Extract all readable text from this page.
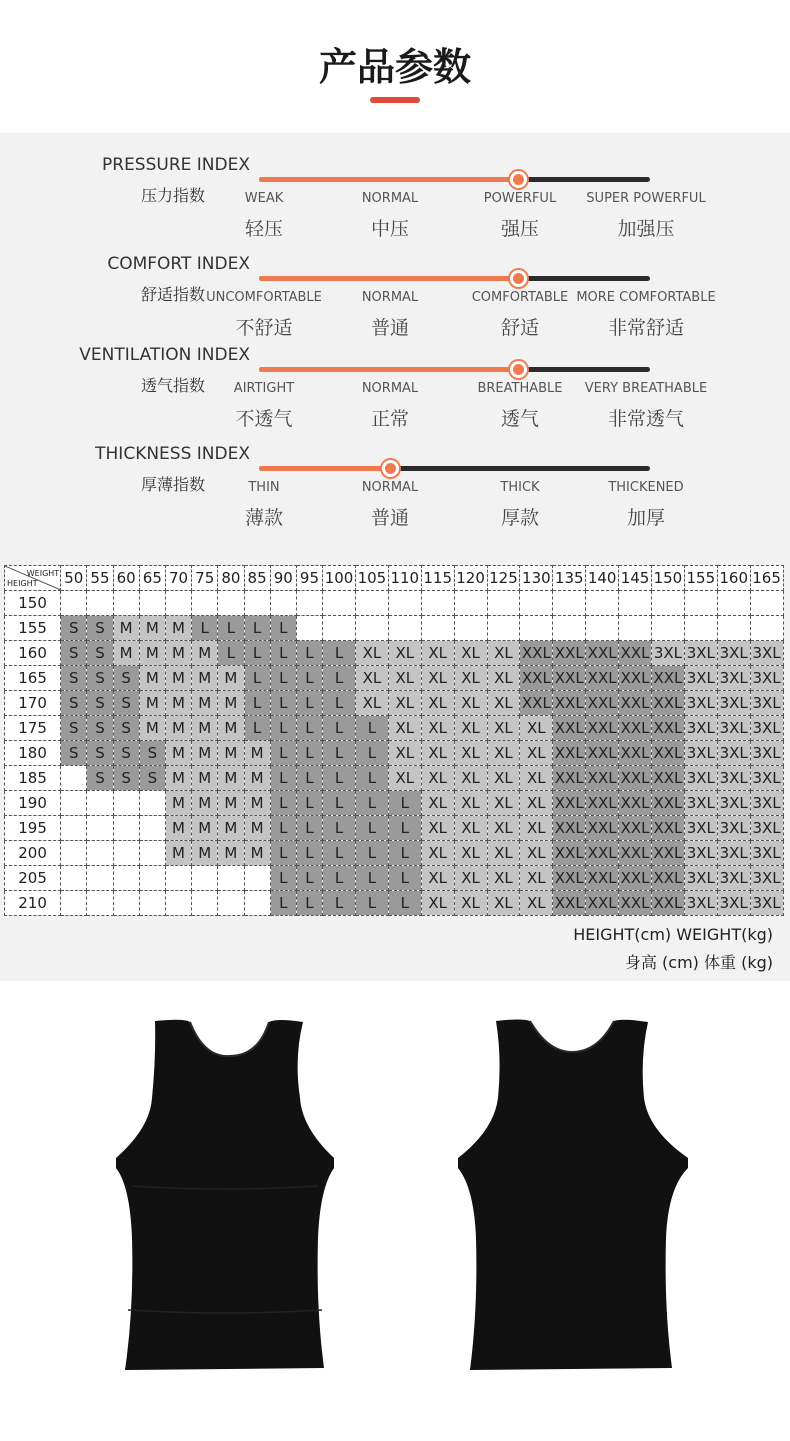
产品参数
PRESSURE INDEX
压力指数	WEAK
轻压
NORMAL
中压
POWERFUL
强压
SUPER POWERFUL
加强压
COMFORT INDEX
舒适指数 UNCOMFORTABLE
不舒适
NORMAL
普通
COMFORTABLE
舒适
MORE COMFORTABLE
非常舒适
VENTILATION INDEX
透气指数	AIRTIGHT
不透气
NORMAL
正常
BREATHABLE
透气
VERY BREATHABLE
非常透气
THICKNESS INDEX
厚薄指数	THIN
薄款
NORMAL
普通
THICK
厚款
THICKENED
加厚
WEIGHT
HEIGHT	50	55	60	65	70	75	80	85	90	95	100	105	110	115	120	125	130	135	140	145	150	155	160	165
150																								
155	S	S	M	M	M	L	L	L	L															
160	S	S	M	M	M	M	L	L	L	L	L	XL	XL	XL	XL	XL	XXL	XXL	XXL	XXL	3XL	3XL	3XL	3XL
165	S	S	S	M	M	M	M	L	L	L	L	XL	XL	XL	XL	XL	XXL	XXL	XXL	XXL	XXL	3XL	3XL	3XL
170	S	S	S	M	M	M	M	L	L	L	L	XL	XL	XL	XL	XL	XXL	XXL	XXL	XXL	XXL	3XL	3XL	3XL
175	S	S	S	M	M	M	M	L	L	L	L	L	XL	XL	XL	XL	XL	XXL	XXL	XXL	XXL	3XL	3XL	3XL
180	S	S	S	S	M	M	M	M	L	L	L	L	XL	XL	XL	XL	XL	XXL	XXL	XXL	XXL	3XL	3XL	3XL
185		S	S	S	M	M	M	M	L	L	L	L	XL	XL	XL	XL	XL	XXL	XXL	XXL	XXL	3XL	3XL	3XL
190					M	M	M	M	L	L	L	L	L	XL	XL	XL	XL	XXL	XXL	XXL	XXL	3XL	3XL	3XL
195					M	M	M	M	L	L	L	L	L	XL	XL	XL	XL	XXL	XXL	XXL	XXL	3XL	3XL	3XL
200					M	M	M	M	L	L	L	L	L	XL	XL	XL	XL	XXL	XXL	XXL	XXL	3XL	3XL	3XL
205									L	L	L	L	L	XL	XL	XL	XL	XXL	XXL	XXL	XXL	3XL	3XL	3XL
210									L	L	L	L	L	XL	XL	XL	XL	XXL	XXL	XXL	XXL	3XL	3XL	3XL
HEIGHT(cm) WEIGHT(kg)
身高 (cm) 体重 (kg)
